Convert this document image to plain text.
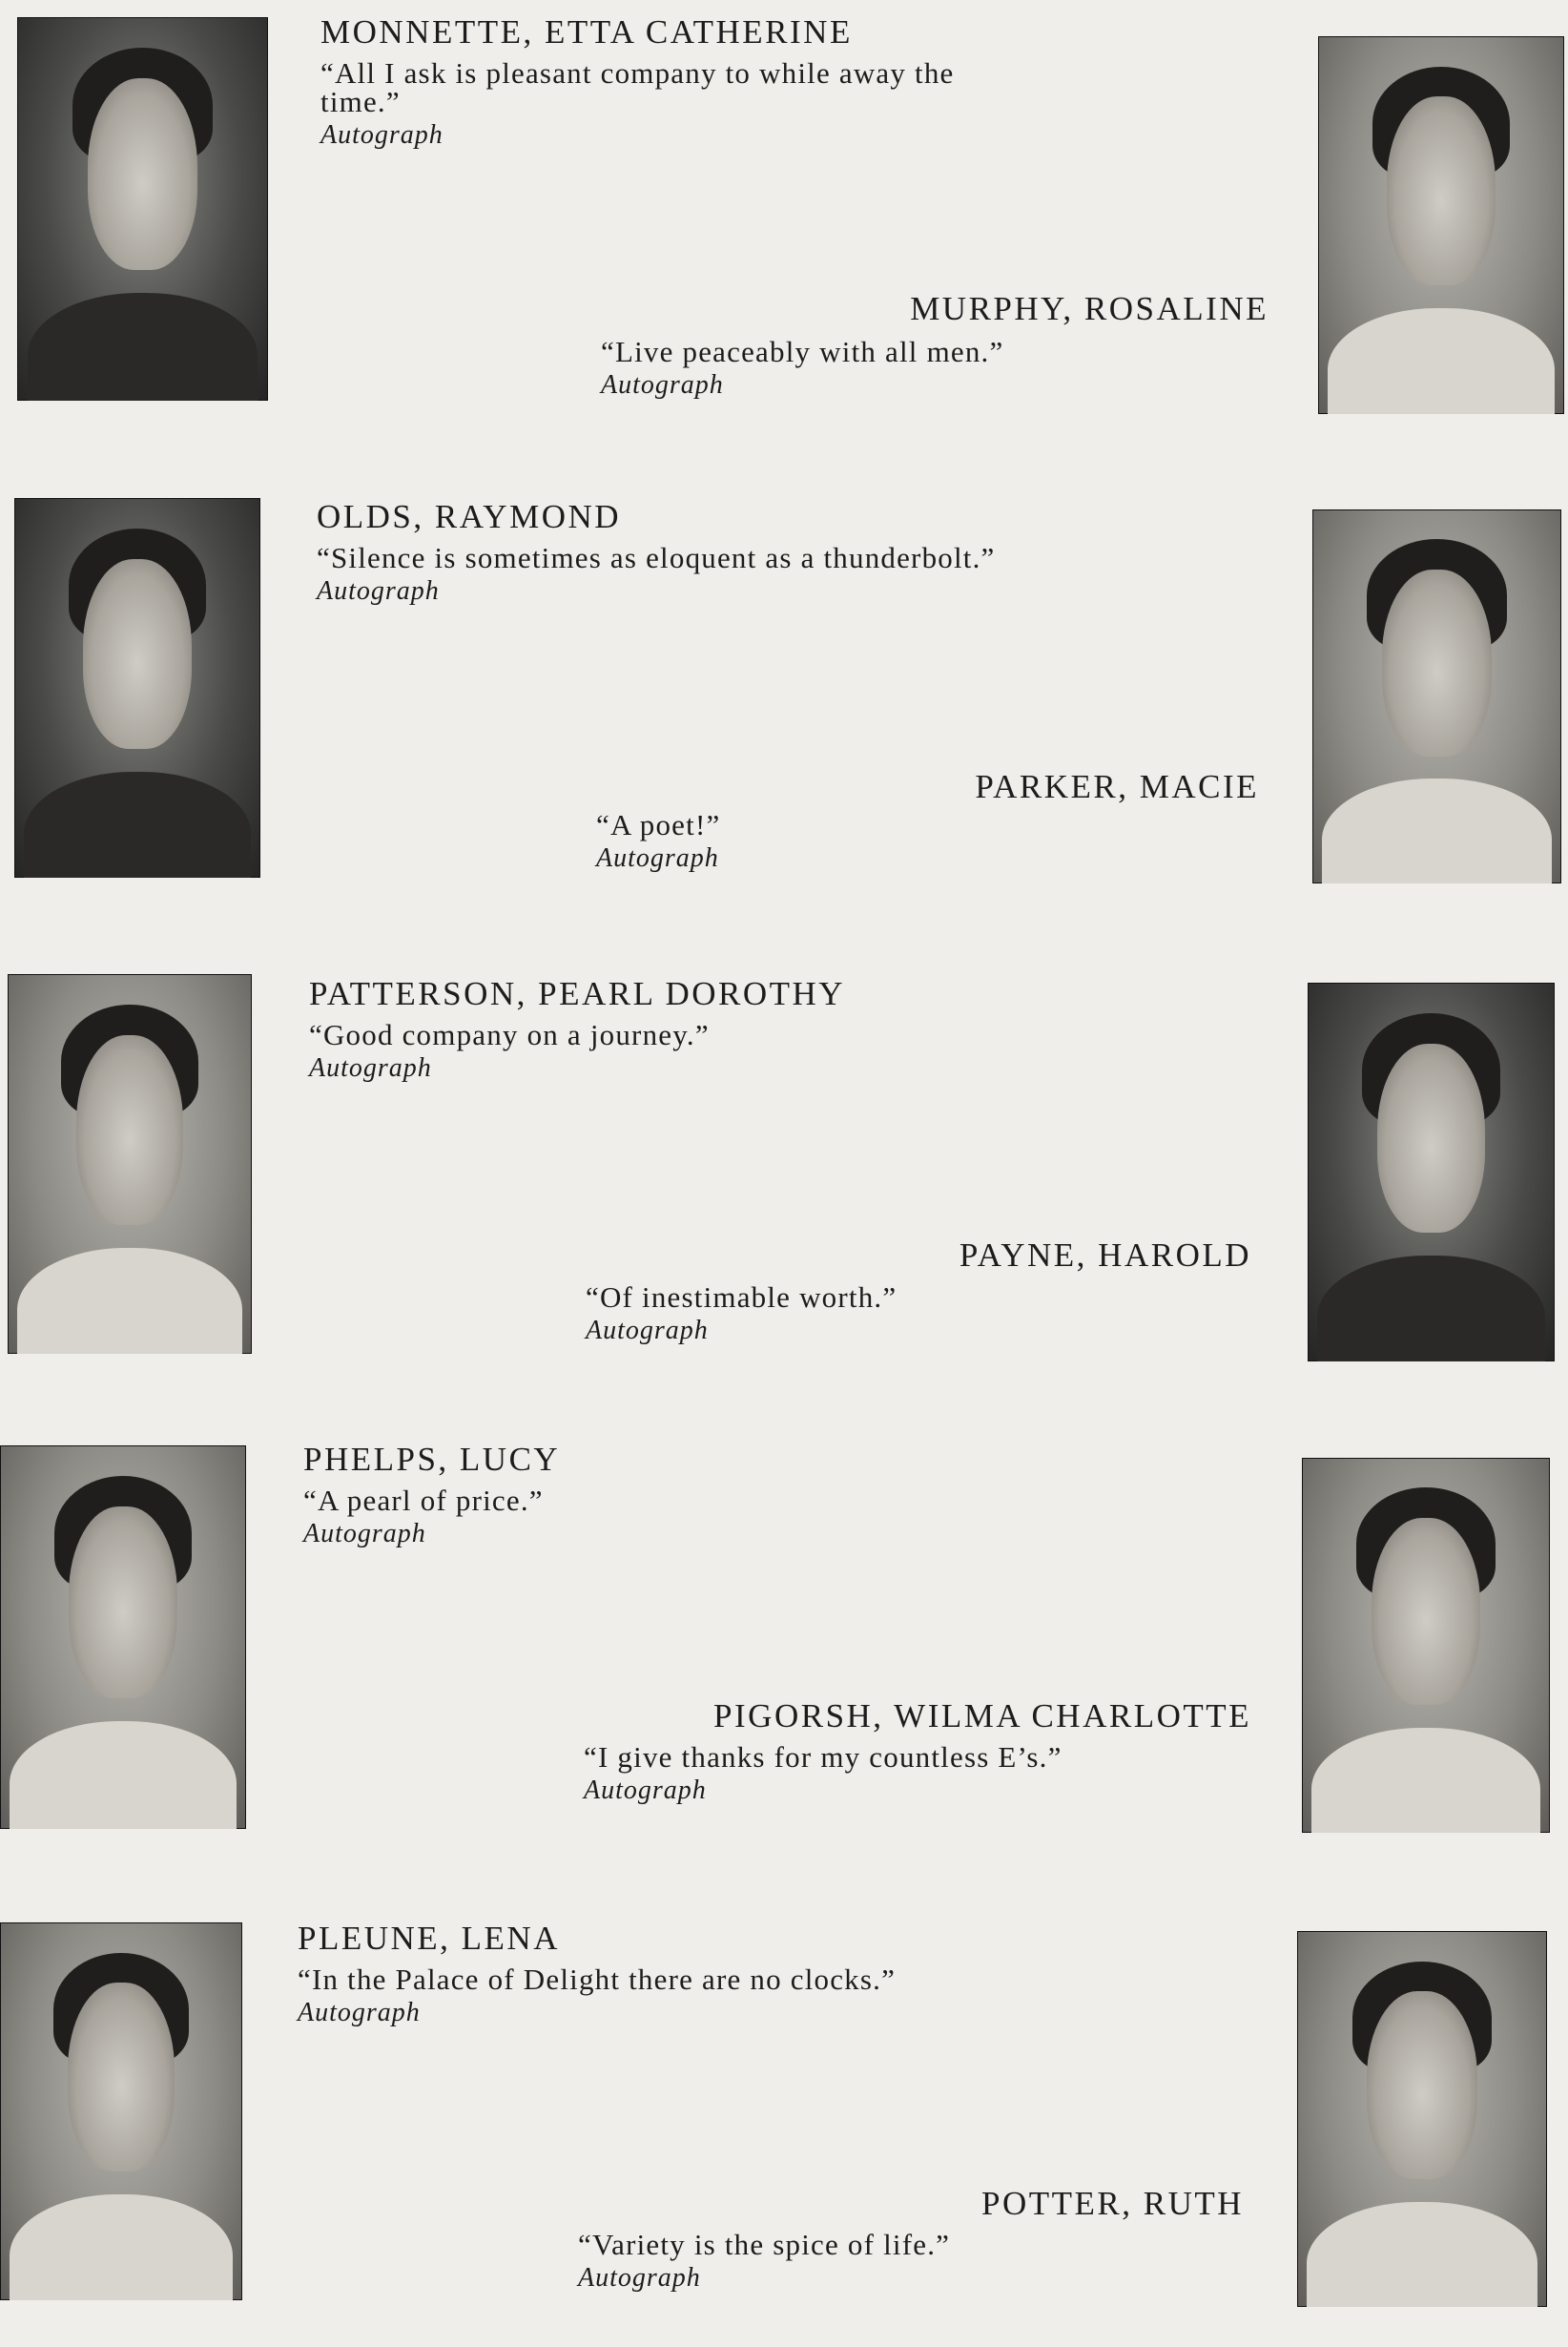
MONNETTE, ETTA CATHERINE
“All I ask is pleasant company to while away the time.”
Autograph
MURPHY, ROSALINE
“Live peaceably with all men.”
Autograph
OLDS, RAYMOND
“Silence is sometimes as eloquent as a thunderbolt.”
Autograph
PARKER, MACIE
“A poet!”
Autograph
PATTERSON, PEARL DOROTHY
“Good company on a journey.”
Autograph
PAYNE, HAROLD
“Of inestimable worth.”
Autograph
PHELPS, LUCY
“A pearl of price.”
Autograph
PIGORSH, WILMA CHARLOTTE
“I give thanks for my countless E’s.”
Autograph
PLEUNE, LENA
“In the Palace of Delight there are no clocks.”
Autograph
POTTER, RUTH
“Variety is the spice of life.”
Autograph
